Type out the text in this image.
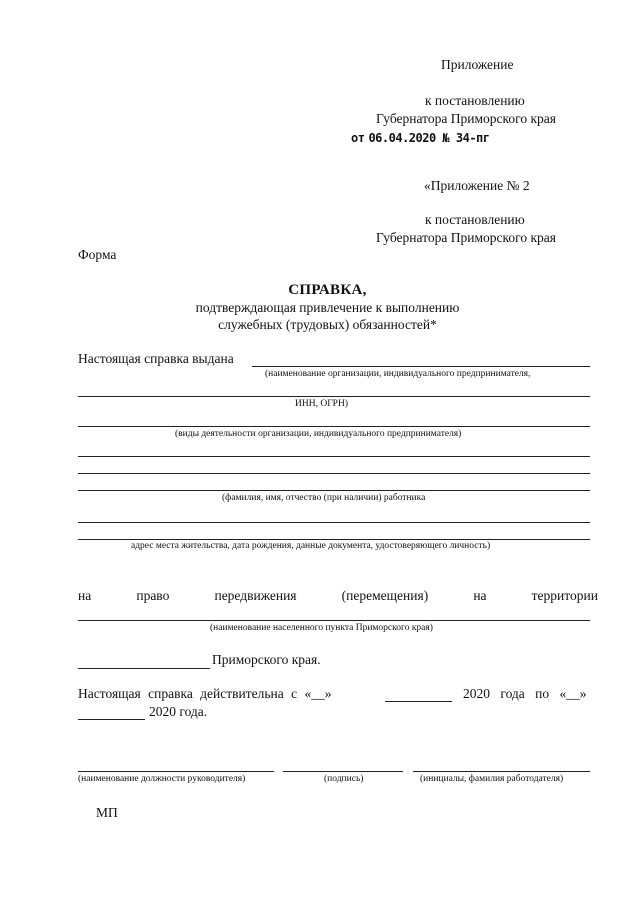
Приложение
к постановлению
Губернатора Приморского края
от 06.04.2020 № 34-пг
«Приложение № 2
к постановлению
Губернатора Приморского края
Форма
СПРАВКА,
подтверждающая привлечение к выполнению
служебных (трудовых) обязанностей*
Настоящая справка выдана
(наименование организации, индивидуального предпринимателя,
ИНН, ОГРН)
(виды деятельности организации, индивидуального предпринимателя)
(фамилия, имя, отчество (при наличии) работника
адрес места жительства, дата рождения, данные документа, удостоверяющего личность)
на	право	передвижения	(перемещения)	на	территории
(наименование населенного пункта Приморского края)
Приморского края.
Настоящая справка действительна с «__»	2020 года по «__»
2020 года.
(наименование должности руководителя)	(подпись)	(инициалы, фамилия работодателя)
МП
